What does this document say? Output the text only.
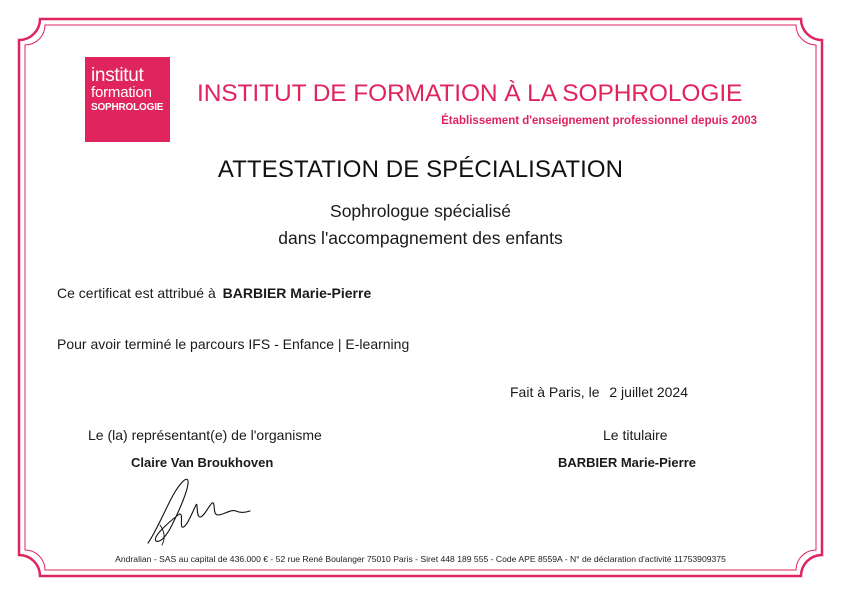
institut
formation
SOPHROLOGIE
INSTITUT DE FORMATION À LA SOPHROLOGIE
Établissement d'enseignement professionnel depuis 2003
ATTESTATION DE SPÉCIALISATION
Sophrologue spécialisé
dans l'accompagnement des enfants
Ce certificat est attribué à BARBIER Marie-Pierre
Pour avoir terminé le parcours IFS - Enfance | E-learning
Fait à Paris, le 2 juillet 2024
Le (la) représentant(e) de l'organisme
Claire Van Broukhoven
Le titulaire
BARBIER Marie-Pierre
Andralian - SAS au capital de 436.000 € - 52 rue René Boulanger 75010 Paris - Siret 448 189 555 - Code APE 8559A - N° de déclaration d'activité 11753909375
